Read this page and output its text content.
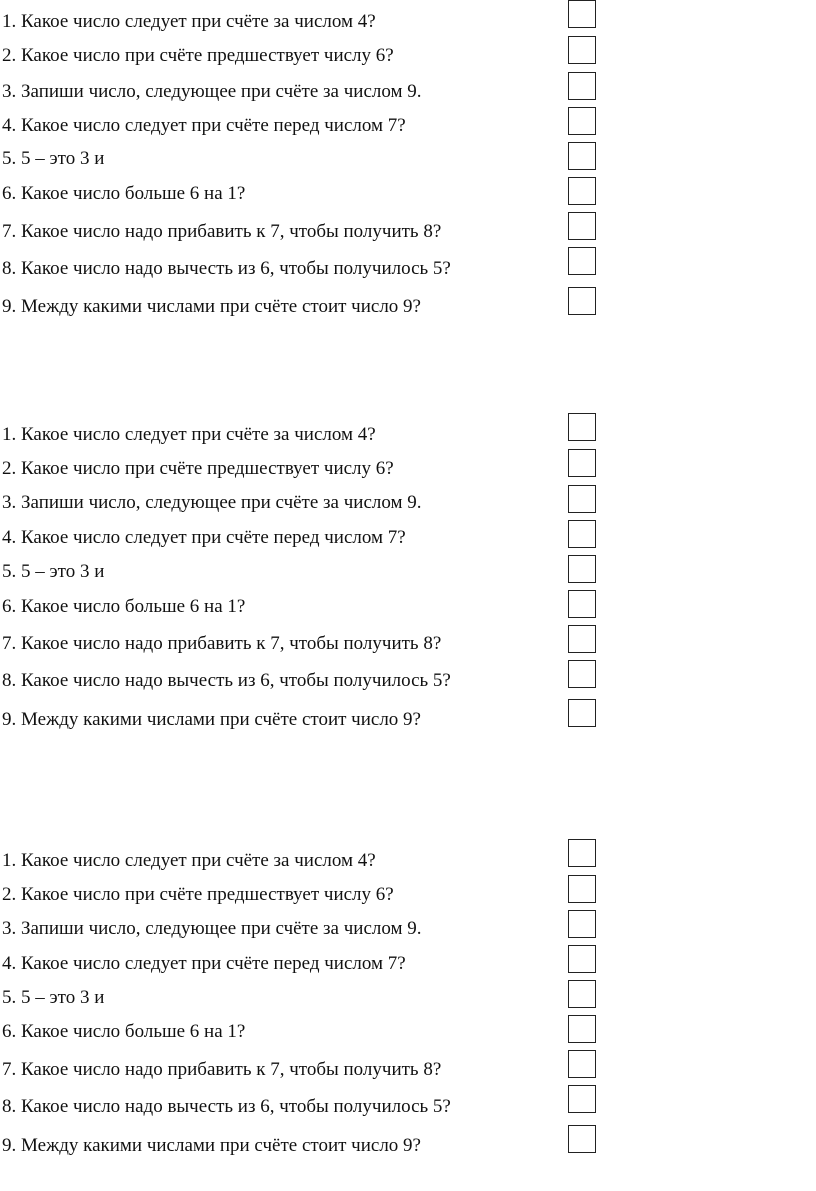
1. Какое число следует при счёте за числом 4?
2. Какое число при счёте предшествует числу 6?
3. Запиши число, следующее при счёте за числом 9.
4. Какое число следует при счёте перед числом 7?
5. 5 – это 3 и
6. Какое число больше 6 на 1?
7. Какое число надо прибавить к 7, чтобы получить 8?
8. Какое число надо вычесть из 6, чтобы получилось 5?
9. Между какими числами при счёте стоит число 9?
1. Какое число следует при счёте за числом 4?
2. Какое число при счёте предшествует числу 6?
3. Запиши число, следующее при счёте за числом 9.
4. Какое число следует при счёте перед числом 7?
5. 5 – это 3 и
6. Какое число больше 6 на 1?
7. Какое число надо прибавить к 7, чтобы получить 8?
8. Какое число надо вычесть из 6, чтобы получилось 5?
9. Между какими числами при счёте стоит число 9?
1. Какое число следует при счёте за числом 4?
2. Какое число при счёте предшествует числу 6?
3. Запиши число, следующее при счёте за числом 9.
4. Какое число следует при счёте перед числом 7?
5. 5 – это 3 и
6. Какое число больше 6 на 1?
7. Какое число надо прибавить к 7, чтобы получить 8?
8. Какое число надо вычесть из 6, чтобы получилось 5?
9. Между какими числами при счёте стоит число 9?
